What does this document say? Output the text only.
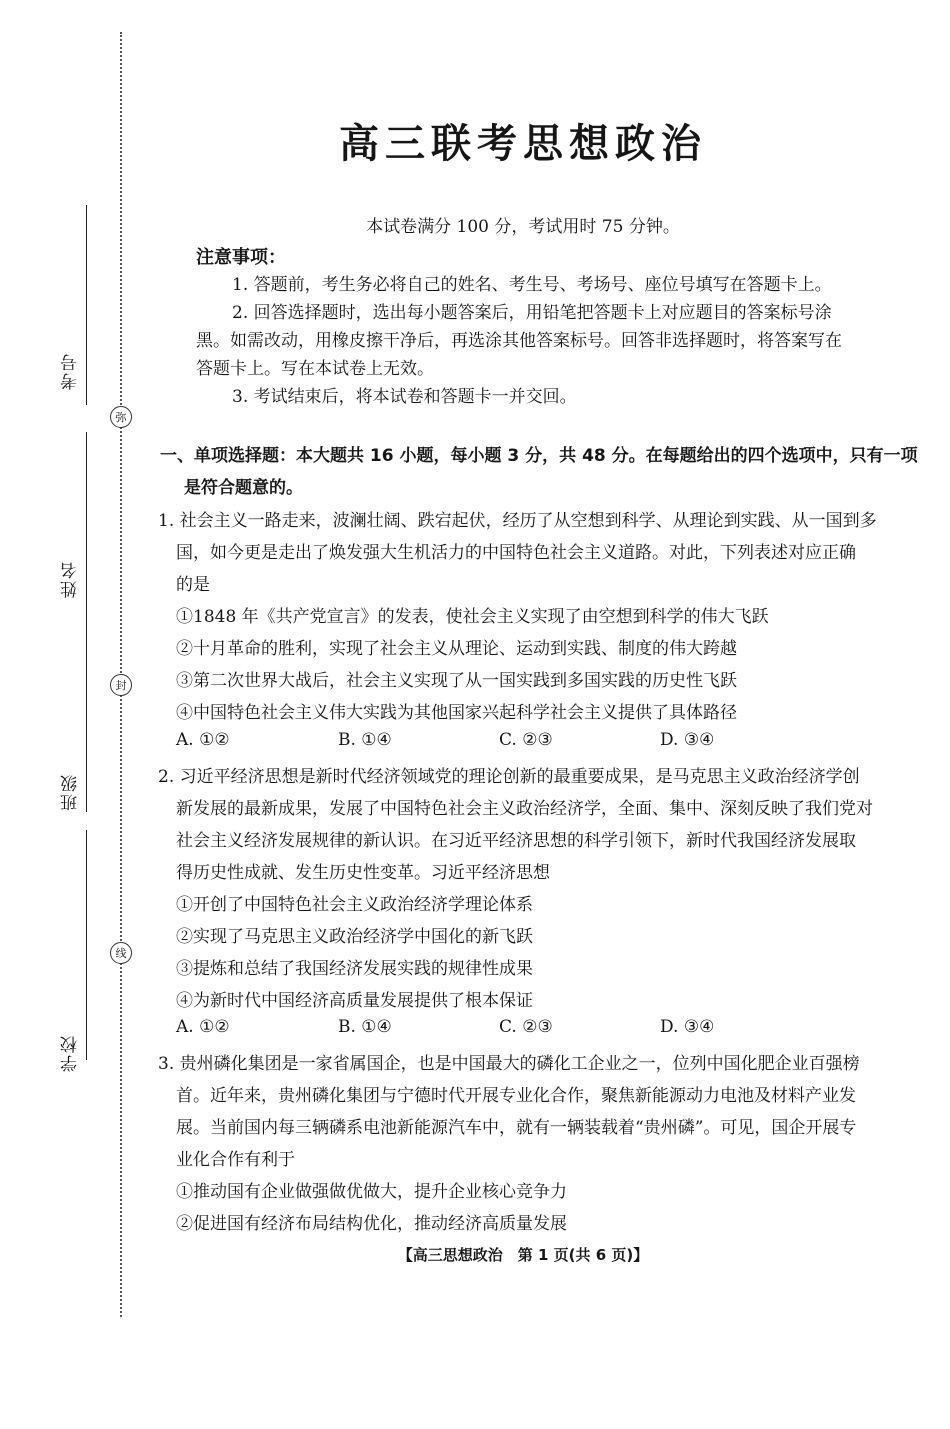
考号
弥
姓名
封
班级
线
学校
高三联考思想政治
本试卷满分 100 分，考试用时 75 分钟。
注意事项：
1. 答题前，考生务必将自己的姓名、考生号、考场号、座位号填写在答题卡上。
2. 回答选择题时，选出每小题答案后，用铅笔把答题卡上对应题目的答案标号涂
黑。如需改动，用橡皮擦干净后，再选涂其他答案标号。回答非选择题时，将答案写在
答题卡上。写在本试卷上无效。
3. 考试结束后，将本试卷和答题卡一并交回。
一、单项选择题：本大题共 16 小题，每小题 3 分，共 48 分。在每题给出的四个选项中，只有一项
是符合题意的。
1. 社会主义一路走来，波澜壮阔、跌宕起伏，经历了从空想到科学、从理论到实践、从一国到多
国，如今更是走出了焕发强大生机活力的中国特色社会主义道路。对此，下列表述对应正确
的是
①1848 年《共产党宣言》的发表，使社会主义实现了由空想到科学的伟大飞跃
②十月革命的胜利，实现了社会主义从理论、运动到实践、制度的伟大跨越
③第二次世界大战后，社会主义实现了从一国实践到多国实践的历史性飞跃
④中国特色社会主义伟大实践为其他国家兴起科学社会主义提供了具体路径
A. ①②	B. ①④	C. ②③	D. ③④
2. 习近平经济思想是新时代经济领域党的理论创新的最重要成果，是马克思主义政治经济学创
新发展的最新成果，发展了中国特色社会主义政治经济学，全面、集中、深刻反映了我们党对
社会主义经济发展规律的新认识。在习近平经济思想的科学引领下，新时代我国经济发展取
得历史性成就、发生历史性变革。习近平经济思想
①开创了中国特色社会主义政治经济学理论体系
②实现了马克思主义政治经济学中国化的新飞跃
③提炼和总结了我国经济发展实践的规律性成果
④为新时代中国经济高质量发展提供了根本保证
A. ①②	B. ①④	C. ②③	D. ③④
3. 贵州磷化集团是一家省属国企，也是中国最大的磷化工企业之一，位列中国化肥企业百强榜
首。近年来，贵州磷化集团与宁德时代开展专业化合作，聚焦新能源动力电池及材料产业发
展。当前国内每三辆磷系电池新能源汽车中，就有一辆装载着“贵州磷”。可见，国企开展专
业化合作有利于
①推动国有企业做强做优做大，提升企业核心竞争力
②促进国有经济布局结构优化，推动经济高质量发展
【高三思想政治　第 1 页(共 6 页)】
